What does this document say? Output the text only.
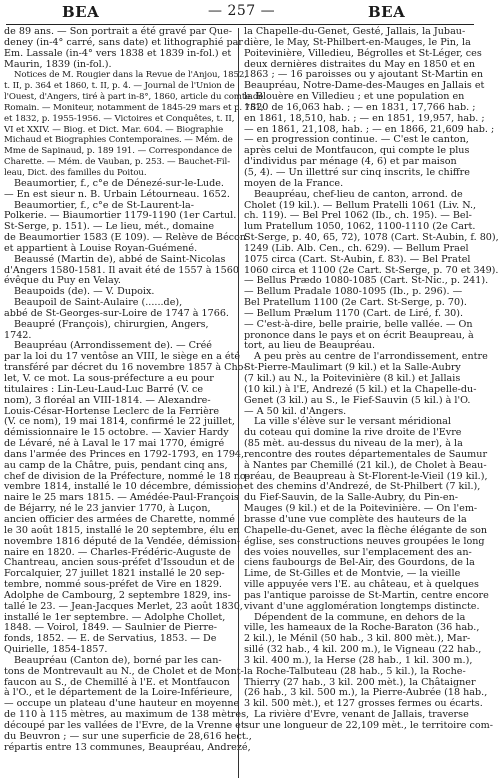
BEA	— 257 —	BEA
de 89 ans. — Son portrait a été gravé par Que-
deney (in-4° carré, sans date) et lithographié par
Em. Lassale (in-4° vers 1838 et 1839 in-fol.) et
Maurin, 1839 (in-fol.).
Notices de M. Rougier dans la Revue de l'Anjou, 1852,
t. II, p. 364 et 1860, t. II, p. 4. — Journal de l'Union de
l'Ouest, d'Angers, tiré à part in-8°, 1860, article du comte de
Romain. — Moniteur, notamment de 1845-29 mars et p. 751;
et 1832, p. 1955-1956. — Victoires et Conquêtes, t. II,
VI et XXIV. — Biog. et Dict. Mar. 604. — Biographie
Michaud et Biographies Contemporaines. — Mém. de
Mme de Sapinaud, p. 189 191. — Correspondance de
Charette. — Mém. de Vauban, p. 253. — Bauchet-Fil-
leau, Dict. des familles du Poitou.
Beaumortier, f., c°e de Dénezé-sur-le-Lude.
— En est sieur n. B. Urbain Létourneau. 1652.
Beaumortier, f., c°e de St-Laurent-la-
Polkerie. — Biaumortier 1179-1190 (1er Cartul.
St-Serge, p. 151). — Le lieu, mét., domaine
de Beaumortier 1583 (E 109). — Relève de Bécon
et appartient à Louise Royan-Guémené.
Beaussé (Martin de), abbé de Saint-Nicolas
d'Angers 1580-1581. Il avait été de 1557 à 1560
évêque du Puy en Velay.
Beaupoids (de). — V. Dupoix.
Beaupoil de Saint-Aulaire (......de),
abbé de St-Georges-sur-Loire de 1747 à 1766.
Beaupré (François), chirurgien, Angers,
1742.
Beaupréau (Arrondissement de). — Créé
par la loi du 17 ventôse an VIII, le siège en a été
transféré par décret du 16 novembre 1857 à Cho-
let, V. ce mot. La sous-préfecture a eu pour
titulaires : Lin-Leu-Laud-Luc Barré (V. ce
nom), 3 floréal an VIII-1814. — Alexandre-
Louis-César-Hortense Leclerc de la Ferrière
(V. ce nom), 19 mai 1814, confirmé le 22 juillet,
démissionnaire le 15 octobre. — Xavier Hardy
de Lévaré, né à Laval le 17 mai 1770, émigré
dans l'armée des Princes en 1792-1793, en 1794,
au camp de la Châtre, puis, pendant cinq ans,
chef de division de la Préfecture, nommé le 18 no-
vembre 1814, installé le 10 décembre, démission-
naire le 25 mars 1815. — Amédée-Paul-François
de Béjarry, né le 23 janvier 1770, à Luçon,
ancien officier des armées de Charette, nommé
le 30 août 1815, installé le 20 septembre, élu en
novembre 1816 député de la Vendée, démission-
naire en 1820. — Charles-Frédéric-Auguste de
Chantreau, ancien sous-préfet d'Issoudun et de
Forcalquier, 27 juillet 1821 installé le 20 sep-
tembre, nommé sous-préfet de Vire en 1829.
Adolphe de Cambourg, 2 septembre 1829, ins-
tallé le 23. — Jean-Jacques Merlet, 23 août 1830,
installé le 1er septembre. — Adolphe Chollet,
1848. — Voirol, 1849. — Saulnier de Pierre-
fonds, 1852. — E. de Servatius, 1853. — De
Quirielle, 1854-1857.
Beaupréau (Canton de), borné par les can-
tons de Montrevault au N., de Cholet et de Mont-
faucon au S., de Chemillé à l'E. et Montfaucon
à l'O., et le département de la Loire-Inférieure,
— occupe un plateau d'une hauteur en moyenne
de 110 à 115 mètres, au maximum de 138 mètres,
découpé par les vallées de l'Evre, de la Vrenne et
du Beuvron ; — sur une superficie de 28,616 hect.,
répartis entre 13 communes, Beaupréau, Andrezé,
la Chapelle-du-Genet, Gesté, Jallais, la Jubau-
dière, le May, St-Philbert-en-Mauges, le Pin, la
Poitevinière, Villedieu, Bégrolles et St-Léger, ces
deux dernières distraites du May en 1850 et en
1863 ; — 16 paroisses ou y ajoutant St-Martin en
Beaupréau, Notre-Dame-des-Mauges en Jallais et
la Blouère en Villedieu ; et une population en
1820 de 16,063 hab. ; — en 1831, 17,766 hab. ;
en 1861, 18,510, hab. ; — en 1851, 19,957, hab. ;
— en 1861, 21,108, hab. ; — en 1866, 21,609 hab. ;
— en progression continue. — C'est le canton,
après celui de Montfaucon, qui compte le plus
d'individus par ménage (4, 6) et par maison
(5, 4). — Un illettré sur cinq inscrits, le chiffre
moyen de la France.
Beaupréau, chef-lieu de canton, arrond. de
Cholet (19 kil.). — Bellum Pratelli 1061 (Liv. N.,
ch. 119). — Bel Prel 1062 (Ib., ch. 195). — Bel-
lum Pratellum 1050, 1062, 1100-1110 (2e Cart.
St-Serge, p. 40, 65, 72), 1078 (Cart. St-Aubin, f. 80),
1249 (Lib. Alb. Cen., ch. 629). — Bellum Prael
1075 circa (Cart. St-Aubin, f. 83). — Bel Pratel
1060 circa et 1100 (2e Cart. St-Serge, p. 70 et 349).
— Bellus Prædo 1080-1085 (Cart. St-Nic., p. 241).
— Bellum Pradale 1080-1095 (Ib., p. 296). —
Bel Pratellum 1100 (2e Cart. St-Serge, p. 70).
— Bellum Prælum 1170 (Cart. de Liré, f. 30).
— C'est-à-dire, belle prairie, belle vallée. — On
prononce dans le pays et on écrit Beaupreau, à
tort, au lieu de Beaupréau.
A peu près au centre de l'arrondissement, entre
St-Pierre-Maulimart (9 kil.) et la Salle-Aubry
(7 kil.) au N., la Poitevinière (8 kil.) et Jallais
(10 kil.) à l'E, Andrezé (5 kil.) et la Chapelle-du-
Genet (3 kil.) au S., le Fief-Sauvin (5 kil.) à l'O.
— A 50 kil. d'Angers.
La ville s'élève sur le versant méridional
du coteau qui domine la rive droite de l'Evre
(85 mèt. au-dessus du niveau de la mer), à la
rencontre des routes départementales de Saumur
à Nantes par Chemillé (21 kil.), de Cholet à Beau-
préau, de Beaupreau à St-Florent-le-Vieil (19 kil.),
et des chemins d'Andrezé, de St-Philbert (7 kil.),
du Fief-Sauvin, de la Salle-Aubry, du Pin-en-
Mauges (9 kil.) et de la Poitevinière. — On l'em-
brasse d'une vue complète des hauteurs de la
Chapelle-du-Genet, avec la flèche élégante de son
église, ses constructions neuves groupées le long
des voies nouvelles, sur l'emplacement des an-
ciens faubourgs de Bel-Air, des Gourdons, de la
Lime, de St-Gilles et de Montvie, — la vieille
ville appuyée vers l'E. au château, et à quelques
pas l'antique paroisse de St-Martin, centre encore
vivant d'une agglomération longtemps distincte.
Dépendent de la commune, en dehors de la
ville, les hameaux de la Roche-Baraton (36 hab.,
2 kil.), le Ménil (50 hab., 3 kil. 800 mèt.), Mar-
sillé (32 hab., 4 kil. 200 m.), le Vigneau (22 hab.,
3 kil. 400 m.), la Herse (28 hab., 1 kil. 300 m.),
la Roche-Talbuteau (28 hab., 5 kil.), la Roche-
Thierry (27 hab., 3 kil. 200 mèt.), la Châtaigner
(26 hab., 3 kil. 500 m.), la Pierre-Aubrée (18 hab.,
3 kil. 500 mèt.), et 127 grosses fermes ou écarts.
La rivière d'Evre, venant de Jallais, traverse
sur une longueur de 22,109 mèt., le territoire com-
